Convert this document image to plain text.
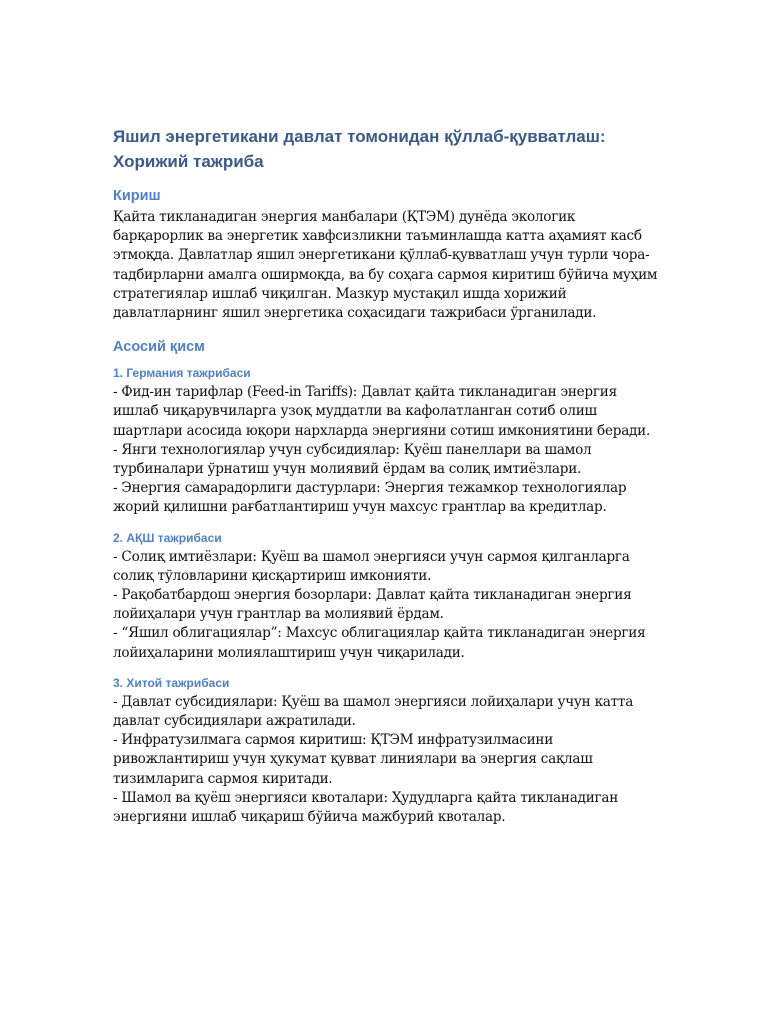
Яшил энергетикани давлат томонидан қўллаб-қувватлаш: Хорижий тажриба
Кириш

Қайта тикланадиган энергия манбалари (ҚТЭМ) дунёда экологик барқарорлик ва энергетик хавфсизликни таъминлашда катта аҳамият касб этмоқда. Давлатлар яшил энергетикани қўллаб-қувватлаш учун турли чора-тадбирларни амалга оширмоқда, ва бу соҳага сармоя киритиш бўйича муҳим стратегиялар ишлаб чиқилган. Мазкур мустақил ишда хорижий давлатларнинг яшил энергетика соҳасидаги тажрибаси ўрганилади.

Асосий қисм
1. Германия тажрибаси

- Фид-ин тарифлар (Feed-in Tariffs): Давлат қайта тикланадиган энергия ишлаб чиқарувчиларга узоқ муддатли ва кафолатланган сотиб олиш шартлари асосида юқори нархларда энергияни сотиш имкониятини беради.

- Янги технологиялар учун субсидиялар: Қуёш панеллари ва шамол турбиналари ўрнатиш учун молиявий ёрдам ва солиқ имтиёзлари.

- Энергия самарадорлиги дастурлари: Энергия тежамкор технологиялар жорий қилишни рағбатлантириш учун махсус грантлар ва кредитлар.

2. АҚШ тажрибаси

- Солиқ имтиёзлари: Қуёш ва шамол энергияси учун сармоя қилганларга солиқ тўловларини қисқартириш имконияти.

- Рақобатбардош энергия бозорлари: Давлат қайта тикланадиган энергия лойиҳалари учун грантлар ва молиявий ёрдам.

- “Яшил облигациялар”: Махсус облигациялар қайта тикланадиган энергия лойиҳаларини молиялаштириш учун чиқарилади.

3. Хитой тажрибаси

- Давлат субсидиялари: Қуёш ва шамол энергияси лойиҳалари учун катта давлат субсидиялари ажратилади.

- Инфратузилмага сармоя киритиш: ҚТЭМ инфратузилмасини ривожлантириш учун ҳукумат қувват линиялари ва энергия сақлаш тизимларига сармоя киритади.

- Шамол ва қуёш энергияси квоталари: Ҳудудларга қайта тикланадиган энергияни ишлаб чиқариш бўйича мажбурий квоталар.
